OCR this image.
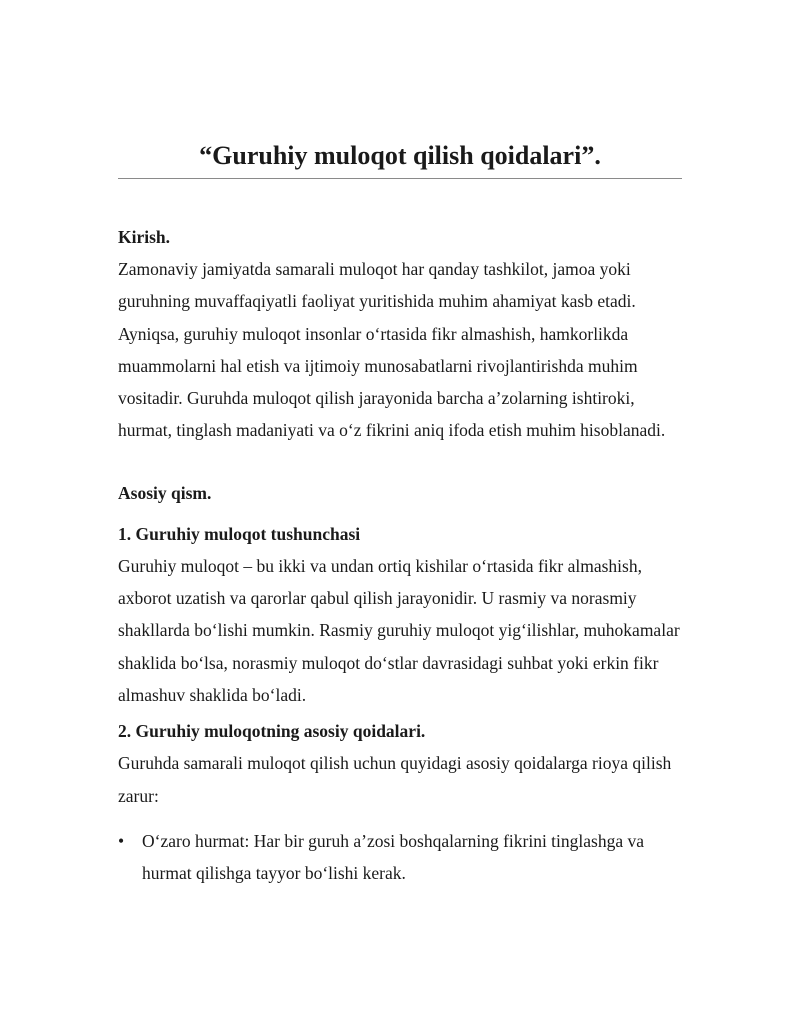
“Guruhiy muloqot qilish qoidalari”.

Kirish.

Zamonaviy jamiyatda samarali muloqot har qanday tashkilot, jamoa yoki guruhning muvaffaqiyatli faoliyat yuritishida muhim ahamiyat kasb etadi. Ayniqsa, guruhiy muloqot insonlar o‘rtasida fikr almashish, hamkorlikda muammolarni hal etish va ijtimoiy munosabatlarni rivojlantirishda muhim vositadir. Guruhda muloqot qilish jarayonida barcha a’zolarning ishtiroki, hurmat, tinglash madaniyati va o‘z fikrini aniq ifoda etish muhim hisoblanadi.

Asosiy qism.

1. Guruhiy muloqot tushunchasi

Guruhiy muloqot – bu ikki va undan ortiq kishilar o‘rtasida fikr almashish, axborot uzatish va qarorlar qabul qilish jarayonidir. U rasmiy va norasmiy shakllarda bo‘lishi mumkin. Rasmiy guruhiy muloqot yig‘ilishlar, muhokamalar shaklida bo‘lsa, norasmiy muloqot do‘stlar davrasidagi suhbat yoki erkin fikr almashuv shaklida bo‘ladi.

2. Guruhiy muloqotning asosiy qoidalari.

Guruhda samarali muloqot qilish uchun quyidagi asosiy qoidalarga rioya qilish zarur:

•	O‘zaro hurmat: Har bir guruh a’zosi boshqalarning fikrini tinglashga va hurmat qilishga tayyor bo‘lishi kerak.
